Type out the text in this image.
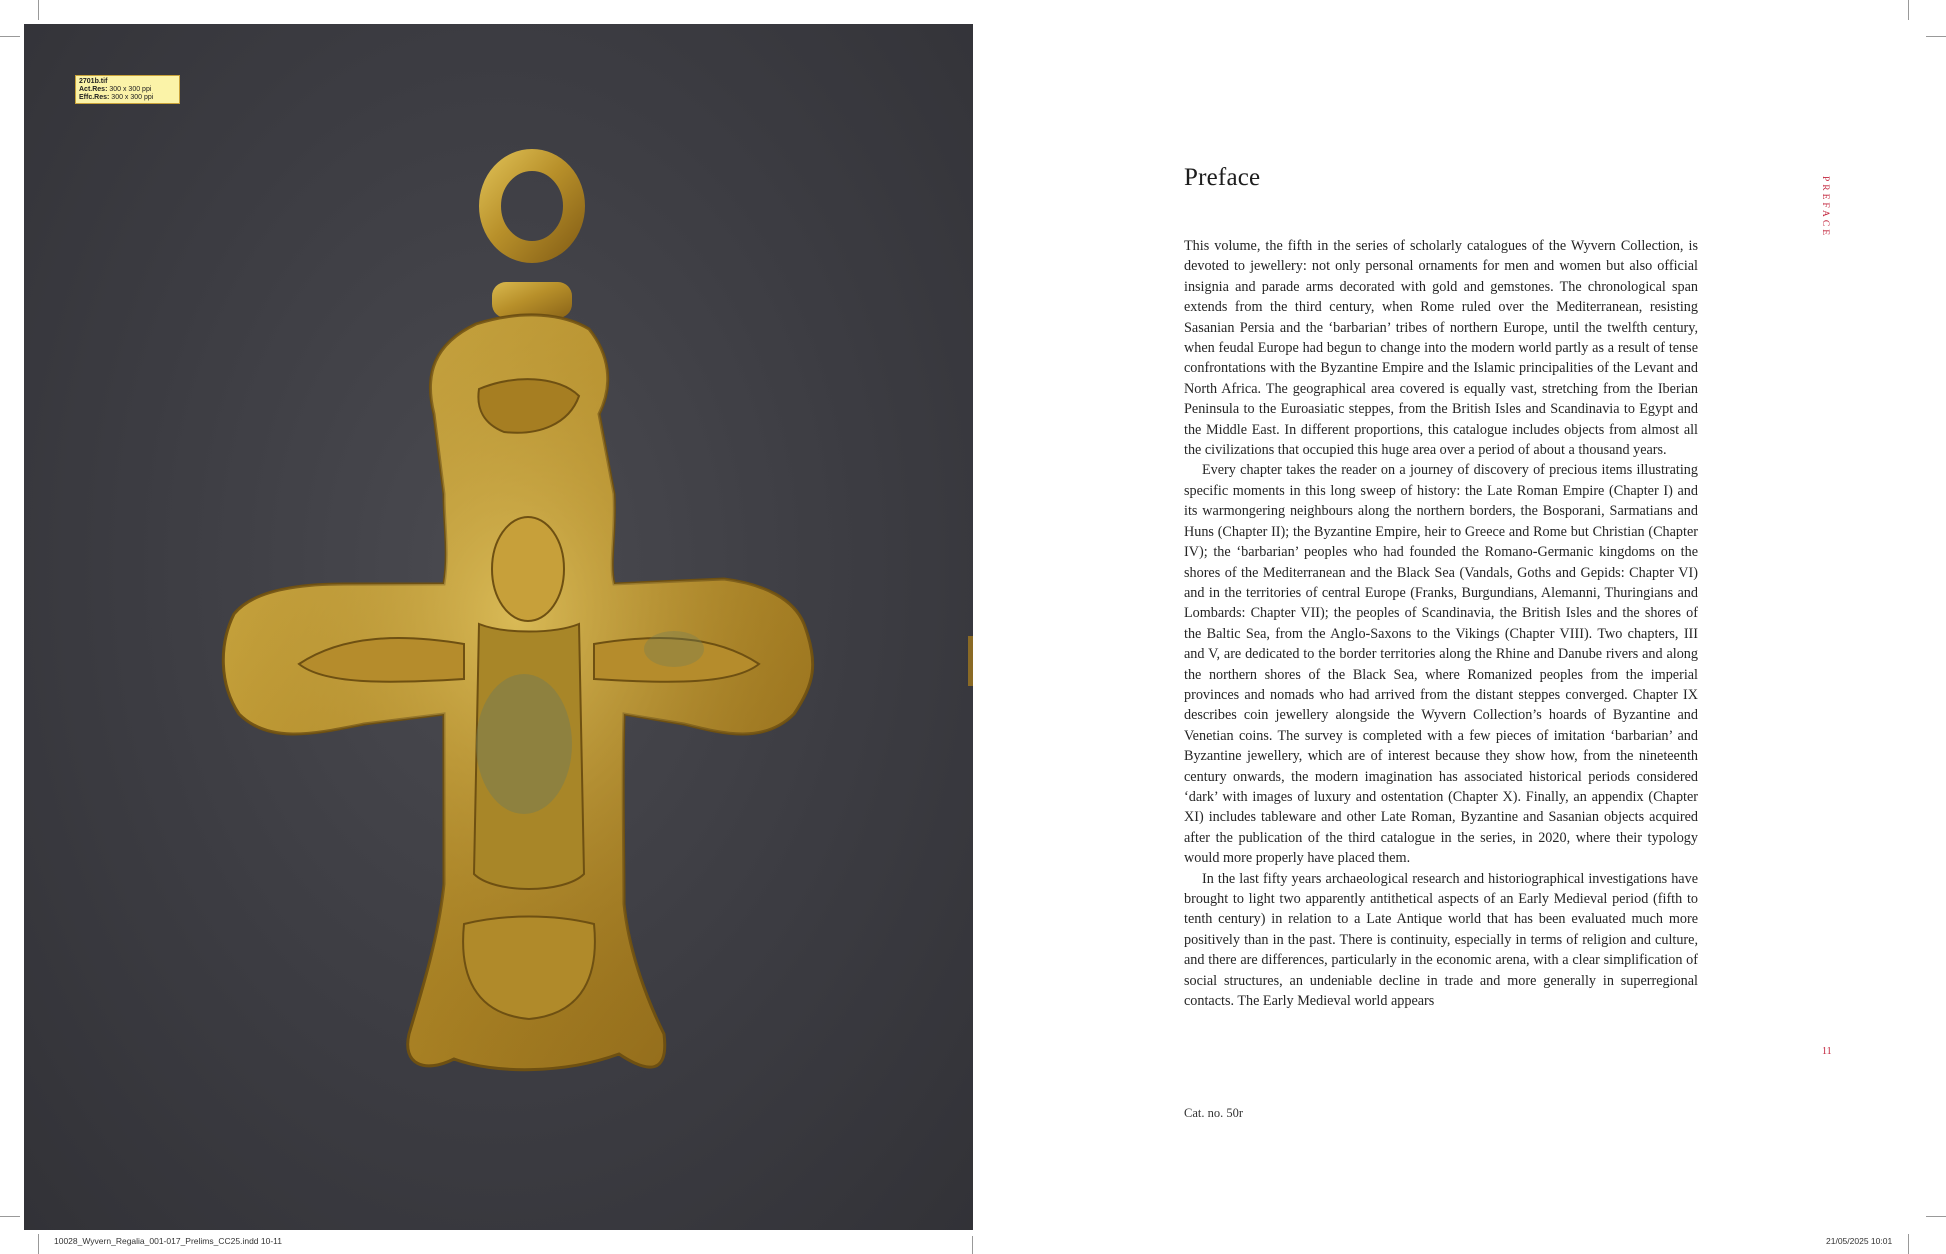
2701b.tif
Act.Res: 300 x 300 ppi
Effc.Res: 300 x 300 ppi
Preface	PREFACE

This volume, the fifth in the series of scholarly catalogues of the Wyvern Collection, is devoted to jewellery: not only personal ornaments for men and women but also official insignia and parade arms decorated with gold and gemstones. The chronological span extends from the third century, when Rome ruled over the Mediterranean, resisting Sasanian Persia and the ‘barbarian’ tribes of northern Europe, until the twelfth century, when feudal Europe had begun to change into the modern world partly as a result of tense confrontations with the Byzantine Empire and the Islamic principalities of the Levant and North Africa. The geographical area covered is equally vast, stretching from the Iberian Peninsula to the Euroasiatic steppes, from the British Isles and Scandinavia to Egypt and the Middle East. In different proportions, this catalogue includes objects from almost all the civilizations that occupied this huge area over a period of about a thousand years.

Every chapter takes the reader on a journey of discovery of precious items illustrating specific moments in this long sweep of history: the Late Roman Empire (Chapter I) and its warmongering neighbours along the northern borders, the Bosporani, Sarmatians and Huns (Chapter II); the Byzantine Empire, heir to Greece and Rome but Christian (Chapter IV); the ‘barbarian’ peoples who had founded the Romano-Germanic kingdoms on the shores of the Mediterranean and the Black Sea (Vandals, Goths and Gepids: Chapter VI) and in the territories of central Europe (Franks, Burgundians, Alemanni, Thuringians and Lombards: Chapter VII); the peoples of Scandinavia, the British Isles and the shores of the Baltic Sea, from the Anglo-Saxons to the Vikings (Chapter VIII). Two chapters, III and V, are dedicated to the border territories along the Rhine and Danube rivers and along the northern shores of the Black Sea, where Romanized peoples from the imperial provinces and nomads who had arrived from the distant steppes converged. Chapter IX describes coin jewellery alongside the Wyvern Collection’s hoards of Byzantine and Venetian coins. The survey is completed with a few pieces of imitation ‘barbarian’ and Byzantine jewellery, which are of interest because they show how, from the nineteenth century onwards, the modern imagination has associated historical periods considered ‘dark’ with images of luxury and ostentation (Chapter X). Finally, an appendix (Chapter XI) includes tableware and other Late Roman, Byzantine and Sasanian objects acquired after the publication of the third catalogue in the series, in 2020, where their typology would more properly have placed them.

In the last fifty years archaeological research and historiographical investigations have brought to light two apparently antithetical aspects of an Early Medieval period (fifth to tenth century) in relation to a Late Antique world that has been evaluated much more positively than in the past. There is continuity, especially in terms of religion and culture, and there are differences, particularly in the economic arena, with a clear simplification of social structures, an undeniable decline in trade and more generally in superregional contacts. The Early Medieval world appears

11
Cat. no. 50r
10028_Wyvern_Regalia_001-017_Prelims_CC25.indd 10-11	21/05/2025 10:01
